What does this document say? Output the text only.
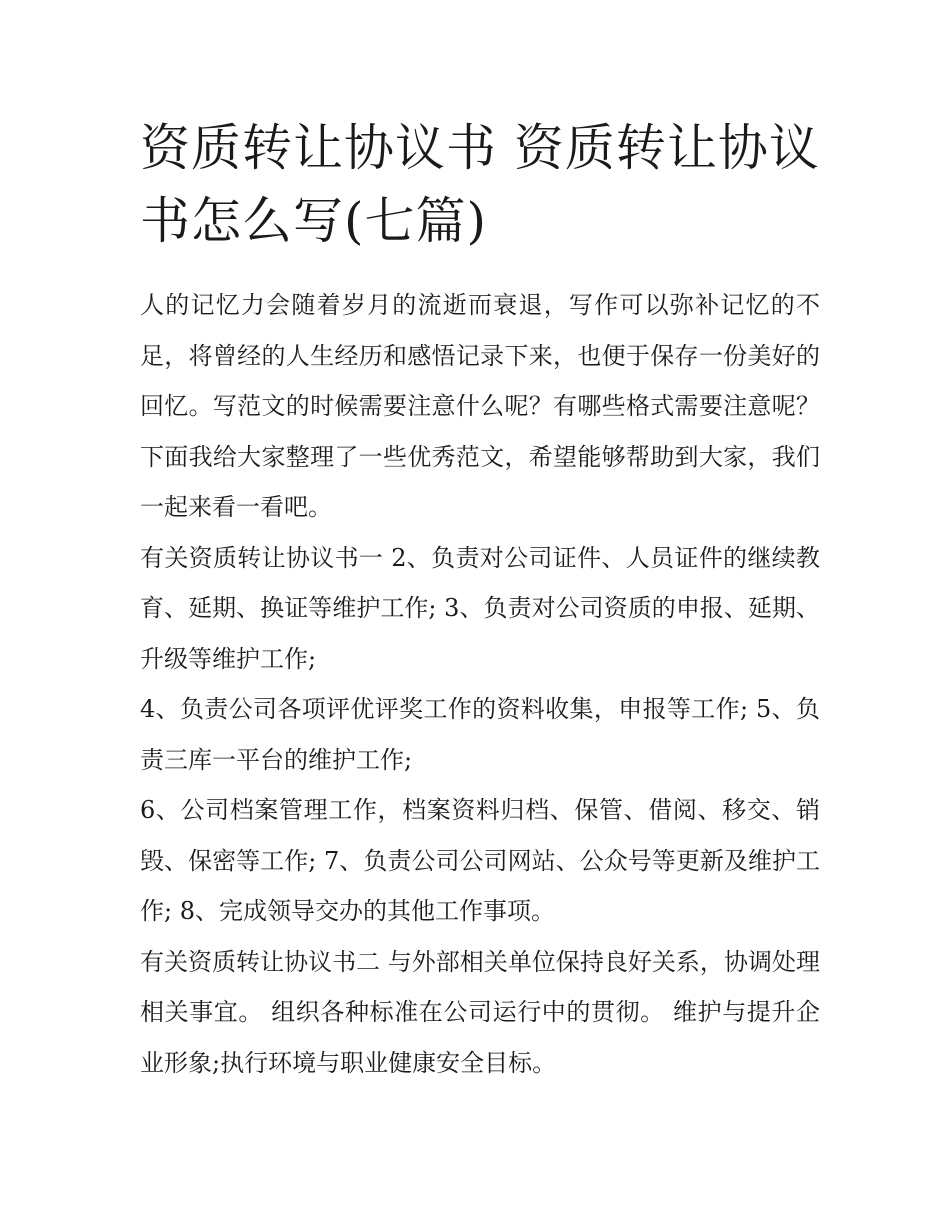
资质转让协议书 资质转让协议书怎么写(七篇)

人的记忆力会随着岁月的流逝而衰退，写作可以弥补记忆的不足，将曾经的人生经历和感悟记录下来，也便于保存一份美好的回忆。写范文的时候需要注意什么呢？有哪些格式需要注意呢？下面我给大家整理了一些优秀范文，希望能够帮助到大家，我们一起来看一看吧。

有关资质转让协议书一 2、负责对公司证件、人员证件的继续教育、延期、换证等维护工作; 3、负责对公司资质的申报、延期、升级等维护工作;

4、负责公司各项评优评奖工作的资料收集，申报等工作; 5、负责三库一平台的维护工作;

6、公司档案管理工作，档案资料归档、保管、借阅、移交、销毁、保密等工作; 7、负责公司公司网站、公众号等更新及维护工作; 8、完成领导交办的其他工作事项。

有关资质转让协议书二 与外部相关单位保持良好关系，协调处理相关事宜。 组织各种标准在公司运行中的贯彻。 维护与提升企业形象;执行环境与职业健康安全目标。
